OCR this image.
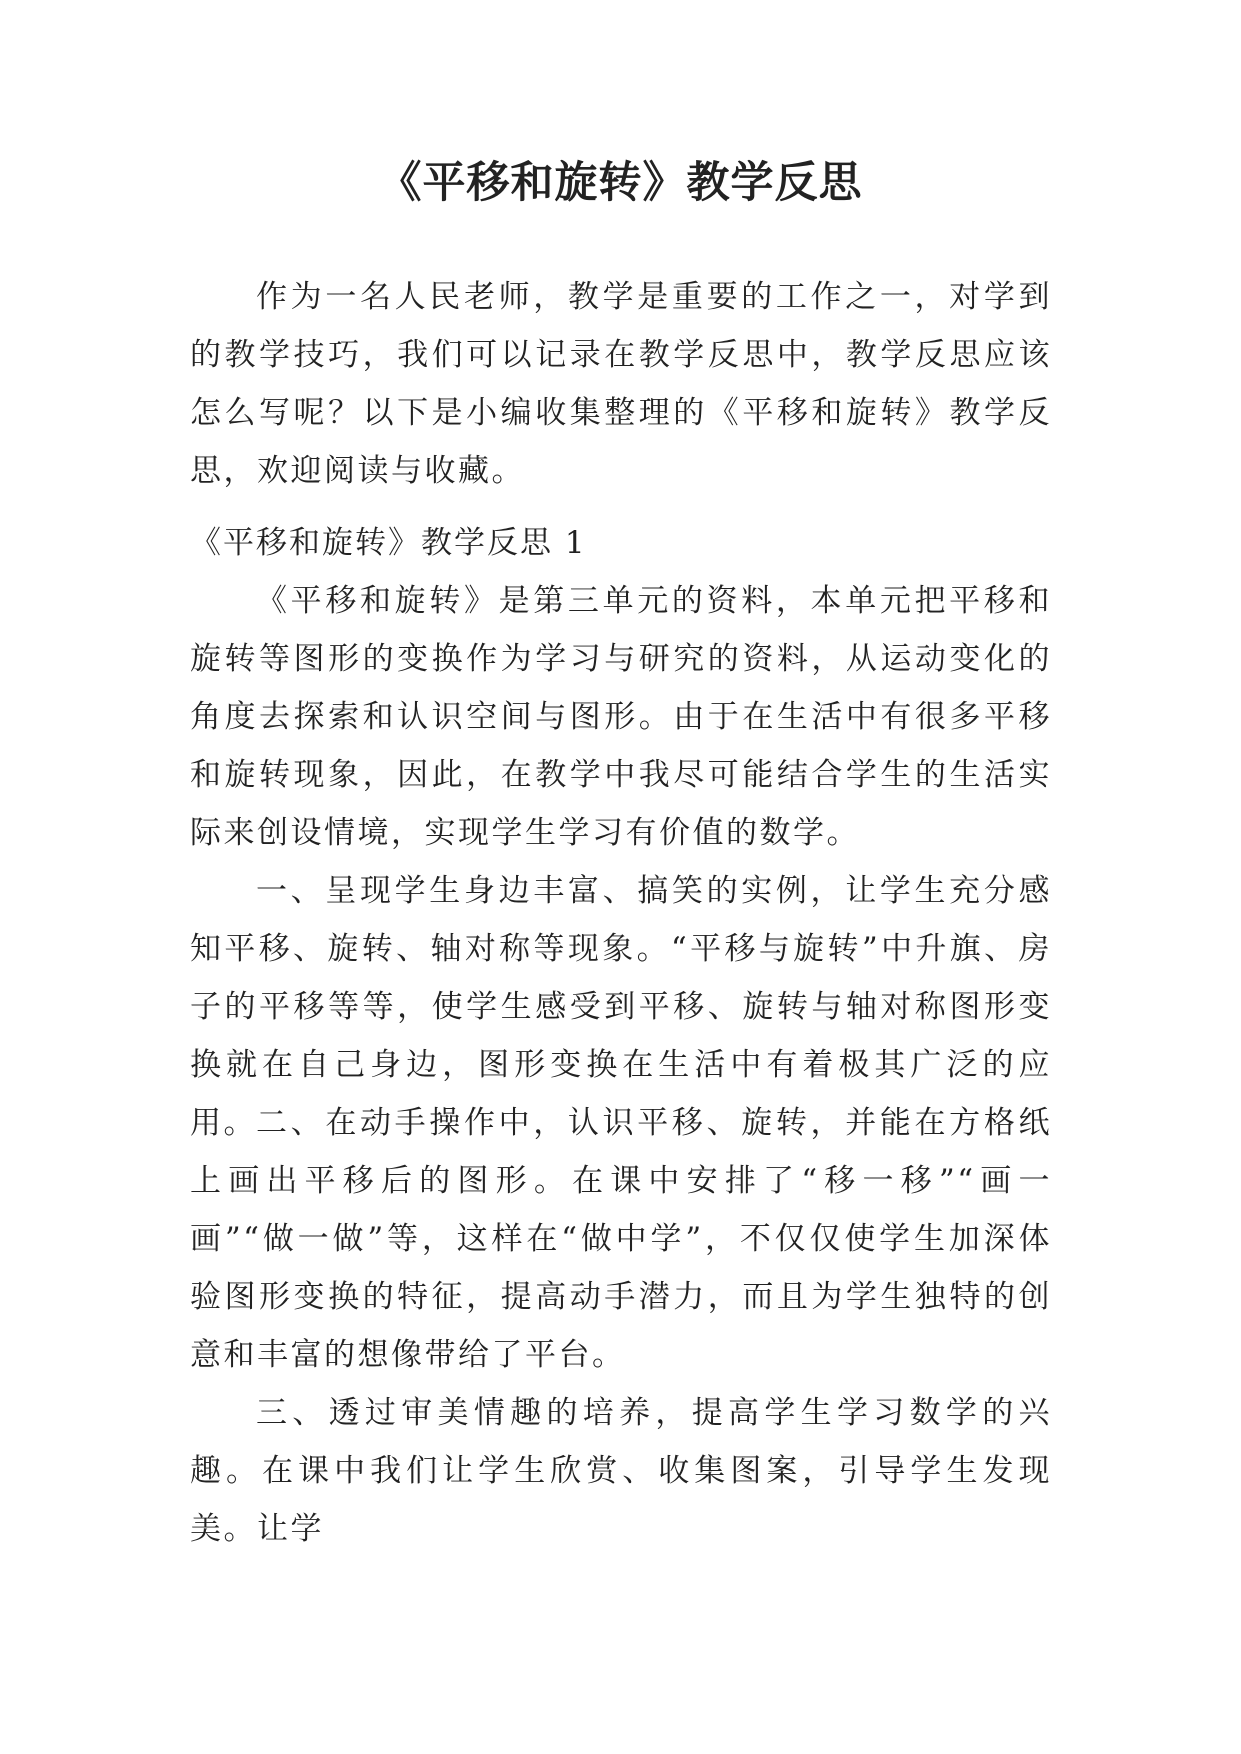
《平移和旋转》教学反思

作为一名人民老师，教学是重要的工作之一，对学到的教学技巧，我们可以记录在教学反思中，教学反思应该怎么写呢？以下是小编收集整理的《平移和旋转》教学反思，欢迎阅读与收藏。

《平移和旋转》教学反思 1

《平移和旋转》是第三单元的资料，本单元把平移和旋转等图形的变换作为学习与研究的资料，从运动变化的角度去探索和认识空间与图形。由于在生活中有很多平移和旋转现象，因此，在教学中我尽可能结合学生的生活实际来创设情境，实现学生学习有价值的数学。

一、呈现学生身边丰富、搞笑的实例，让学生充分感知平移、旋转、轴对称等现象。“平移与旋转”中升旗、房子的平移等等，使学生感受到平移、旋转与轴对称图形变换就在自己身边，图形变换在生活中有着极其广泛的应用。 二、在动手操作中，认识平移、旋转，并能在方格纸上画出平移后的图形。在课中安排了“移一移”“画一画”“做一做”等，这样在“做中学”，不仅仅使学生加深体验图形变换的特征，提高动手潜力，而且为学生独特的创意和丰富的想像带给了平台。

三、透过审美情趣的培养，提高学生学习数学的兴趣。在课中我们让学生欣赏、收集图案，引导学生发现美。让学
